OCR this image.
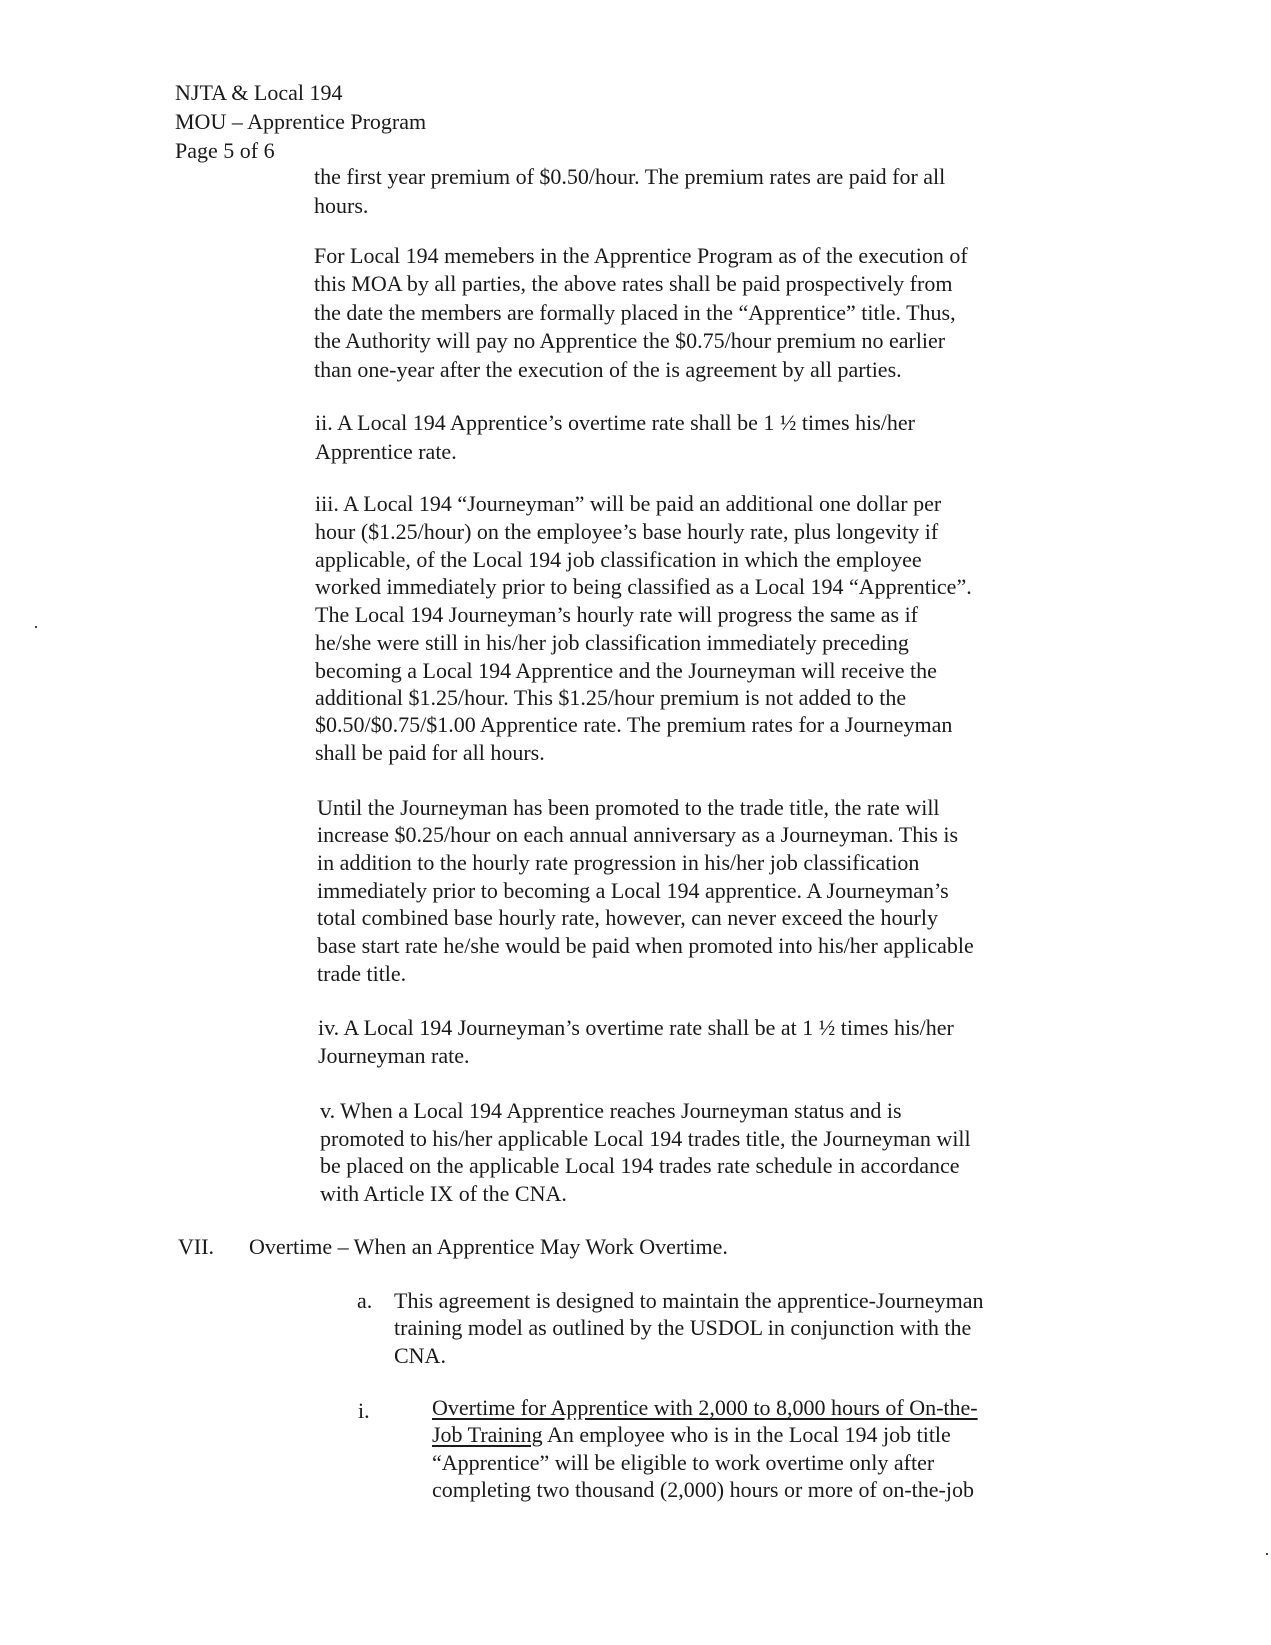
NJTA & Local 194
MOU – Apprentice Program
Page 5 of 6
the first year premium of $0.50/hour. The premium rates are paid for all
hours.
For Local 194 memebers in the Apprentice Program as of the execution of
this MOA by all parties, the above rates shall be paid prospectively from
the date the members are formally placed in the “Apprentice” title. Thus,
the Authority will pay no Apprentice the $0.75/hour premium no earlier
than one-year after the execution of the is agreement by all parties.
ii. A Local 194 Apprentice’s overtime rate shall be 1 ½ times his/her
Apprentice rate.
iii. A Local 194 “Journeyman” will be paid an additional one dollar per
hour ($1.25/hour) on the employee’s base hourly rate, plus longevity if
applicable, of the Local 194 job classification in which the employee
worked immediately prior to being classified as a Local 194 “Apprentice”.
The Local 194 Journeyman’s hourly rate will progress the same as if
he/she were still in his/her job classification immediately preceding
becoming a Local 194 Apprentice and the Journeyman will receive the
additional $1.25/hour. This $1.25/hour premium is not added to the
$0.50/$0.75/$1.00 Apprentice rate. The premium rates for a Journeyman
shall be paid for all hours.
Until the Journeyman has been promoted to the trade title, the rate will
increase $0.25/hour on each annual anniversary as a Journeyman. This is
in addition to the hourly rate progression in his/her job classification
immediately prior to becoming a Local 194 apprentice. A Journeyman’s
total combined base hourly rate, however, can never exceed the hourly
base start rate he/she would be paid when promoted into his/her applicable
trade title.
iv. A Local 194 Journeyman’s overtime rate shall be at 1 ½ times his/her
Journeyman rate.
v. When a Local 194 Apprentice reaches Journeyman status and is
promoted to his/her applicable Local 194 trades title, the Journeyman will
be placed on the applicable Local 194 trades rate schedule in accordance
with Article IX of the CNA.
VII. Overtime – When an Apprentice May Work Overtime.
a. This agreement is designed to maintain the apprentice-Journeyman
training model as outlined by the USDOL in conjunction with the
CNA.
i.	Overtime for Apprentice with 2,000 to 8,000 hours of On-the-
Job Training An employee who is in the Local 194 job title
“Apprentice” will be eligible to work overtime only after
completing two thousand (2,000) hours or more of on-the-job
